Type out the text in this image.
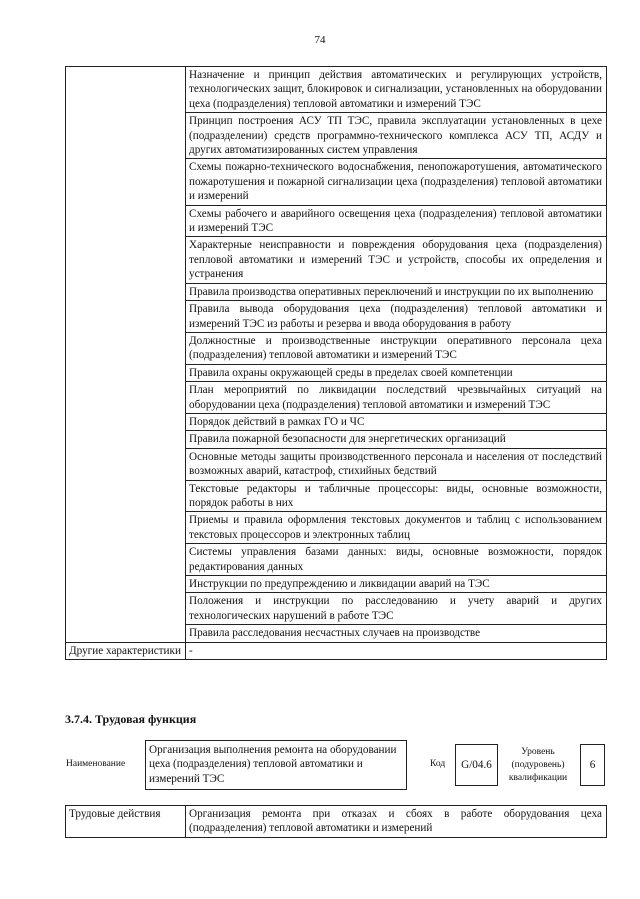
74
	Назначение и принцип действия автоматических и регулирующих устройств, технологических защит, блокировок и сигнализации, установленных на оборудовании цеха (подразделения) тепловой автоматики и измерений ТЭС
	Принцип построения АСУ ТП ТЭС, правила эксплуатации установленных в цехе (подразделении) средств программно-технического комплекса АСУ ТП, АСДУ и других автоматизированных систем управления
	Схемы пожарно-технического водоснабжения, пенопожаротушения, автоматического пожаротушения и пожарной сигнализации цеха (подразделения) тепловой автоматики и измерений
	Схемы рабочего и аварийного освещения цеха (подразделения) тепловой автоматики и измерений ТЭС
	Характерные неисправности и повреждения оборудования цеха (подразделения) тепловой автоматики и измерений ТЭС и устройств, способы их определения и устранения
	Правила производства оперативных переключений и инструкции по их выполнению
	Правила вывода оборудования цеха (подразделения) тепловой автоматики и измерений ТЭС из работы и резерва и ввода оборудования в работу
	Должностные и производственные инструкции оперативного персонала цеха (подразделения) тепловой автоматики и измерений ТЭС
	Правила охраны окружающей среды в пределах своей компетенции
	План мероприятий по ликвидации последствий чрезвычайных ситуаций на оборудовании цеха (подразделения) тепловой автоматики и измерений ТЭС
	Порядок действий в рамках ГО и ЧС
	Правила пожарной безопасности для энергетических организаций
	Основные методы защиты производственного персонала и населения от последствий возможных аварий, катастроф, стихийных бедствий
	Текстовые редакторы и табличные процессоры: виды, основные возможности, порядок работы в них
	Приемы и правила оформления текстовых документов и таблиц с использованием текстовых процессоров и электронных таблиц
	Системы управления базами данных: виды, основные возможности, порядок редактирования данных
	Инструкции по предупреждению и ликвидации аварий на ТЭС
	Положения и инструкции по расследованию и учету аварий и других технологических нарушений в работе ТЭС
	Правила расследования несчастных случаев на производстве
Другие характеристики	-
3.7.4. Трудовая функция
Наименование
Организация выполнения ремонта на оборудовании цеха (подразделения) тепловой автоматики и измерений ТЭС
Код	G/04.6
Уровень (подуровень) квалификации
6
Трудовые действия	Организация ремонта при отказах и сбоях в работе оборудования цеха (подразделения) тепловой автоматики и измерений
